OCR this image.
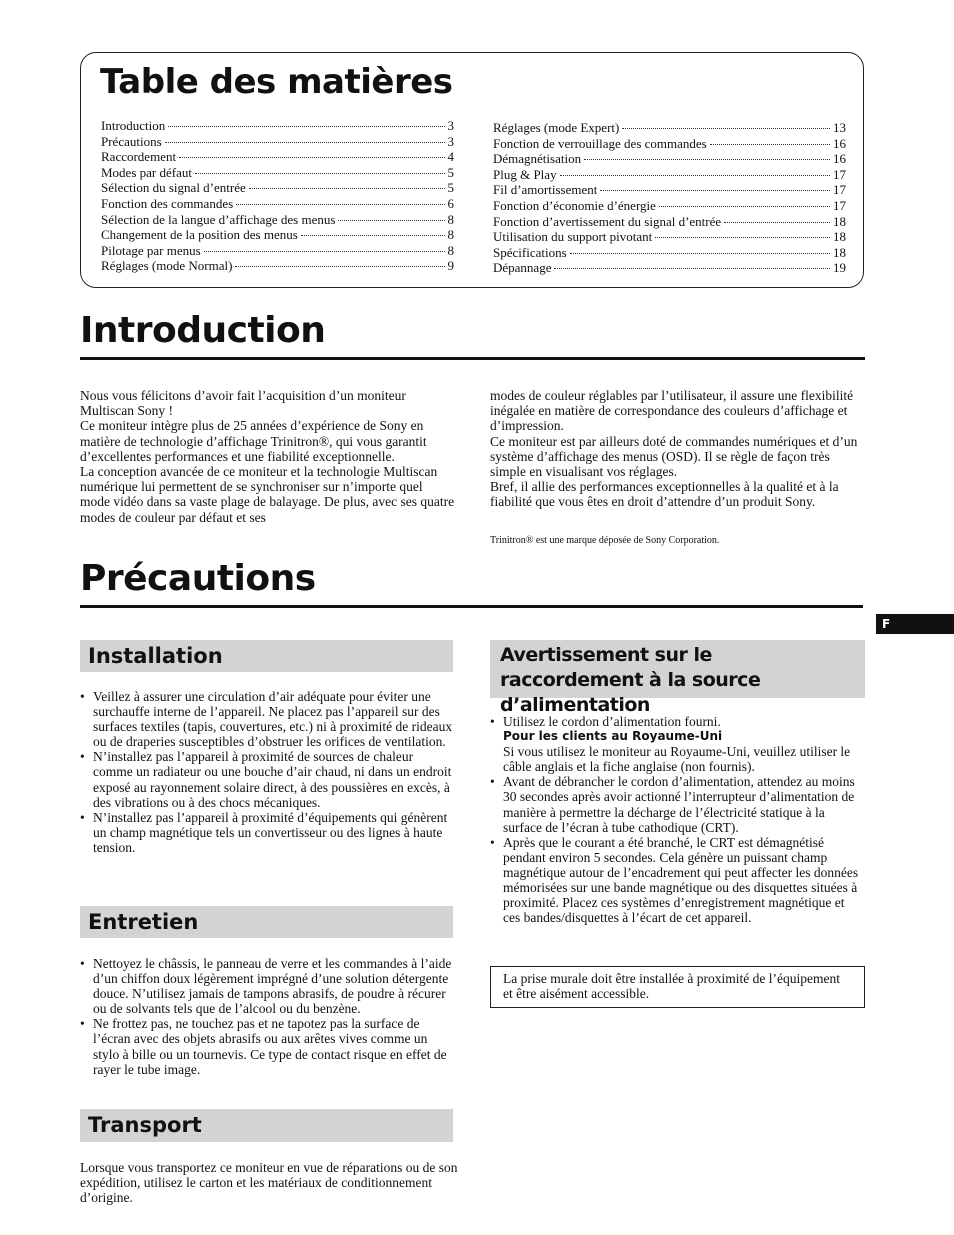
Table des matières
Introduction	3
Précautions	3
Raccordement	4
Modes par défaut	5
Sélection du signal d’entrée	5
Fonction des commandes	6
Sélection de la langue d’affichage des menus	8
Changement de la position des menus	8
Pilotage par menus	8
Réglages (mode Normal)	9
Réglages (mode Expert)	13
Fonction de verrouillage des commandes	16
Démagnétisation	16
Plug & Play	17
Fil d’amortissement	17
Fonction d’économie d’énergie	17
Fonction d’avertissement du signal d’entrée	18
Utilisation du support pivotant	18
Spécifications	18
Dépannage	19
Introduction

Nous vous félicitons d’avoir fait l’acquisition d’un moniteur Multiscan Sony !

Ce moniteur intègre plus de 25 années d’expérience de Sony en matière de technologie d’affichage Trinitron®, qui vous garantit d’excellentes performances et une fiabilité exceptionnelle.

La conception avancée de ce moniteur et la technologie Multiscan numérique lui permettent de se synchroniser sur n’importe quel mode vidéo dans sa vaste plage de balayage. De plus, avec ses quatre modes de couleur par défaut et ses

modes de couleur réglables par l’utilisateur, il assure une flexibilité inégalée en matière de correspondance des couleurs d’affichage et d’impression.

Ce moniteur est par ailleurs doté de commandes numériques et d’un système d’affichage des menus (OSD). Il se règle de façon très simple en visualisant vos réglages.

Bref, il allie des performances exceptionnelles à la qualité et à la fiabilité que vous êtes en droit d’attendre d’un produit Sony.

Trinitron® est une marque déposée de Sony Corporation.

Précautions
F
Installation
• Veillez à assurer une circulation d’air adéquate pour éviter une surchauffe interne de l’appareil. Ne placez pas l’appareil sur des surfaces textiles (tapis, couvertures, etc.) ni à proximité de rideaux ou de draperies susceptibles d’obstruer les orifices de ventilation.
• N’installez pas l’appareil à proximité de sources de chaleur comme un radiateur ou une bouche d’air chaud, ni dans un endroit exposé au rayonnement solaire direct, à des poussières en excès, à des vibrations ou à des chocs mécaniques.
• N’installez pas l’appareil à proximité d’équipements qui génèrent un champ magnétique tels un convertisseur ou des lignes à haute tension.
Entretien
• Nettoyez le châssis, le panneau de verre et les commandes à l’aide d’un chiffon doux légèrement imprégné d’une solution détergente douce. N’utilisez jamais de tampons abrasifs, de poudre à récurer ou de solvants tels que de l’alcool ou du benzène.
• Ne frottez pas, ne touchez pas et ne tapotez pas la surface de l’écran avec des objets abrasifs ou aux arêtes vives comme un stylo à bille ou un tournevis. Ce type de contact risque en effet de rayer le tube image.
Transport

Lorsque vous transportez ce moniteur en vue de réparations ou de son expédition, utilisez le carton et les matériaux de conditionnement d’origine.

Avertissement sur le raccordement à la source d’alimentation
• Utilisez le cordon d’alimentation fourni.
Pour les clients au Royaume-Uni
Si vous utilisez le moniteur au Royaume-Uni, veuillez utiliser le câble anglais et la fiche anglaise (non fournis).
• Avant de débrancher le cordon d’alimentation, attendez au moins 30 secondes après avoir actionné l’interrupteur d’alimentation de manière à permettre la décharge de l’électricité statique à la surface de l’écran à tube cathodique (CRT).
• Après que le courant a été branché, le CRT est démagnétisé pendant environ 5 secondes. Cela génère un puissant champ magnétique autour de l’encadrement qui peut affecter les données mémorisées sur une bande magnétique ou des disquettes situées à proximité. Placez ces systèmes d’enregistrement magnétique et ces bandes/disquettes à l’écart de cet appareil.
La prise murale doit être installée à proximité de l’équipement et être aisément accessible.
